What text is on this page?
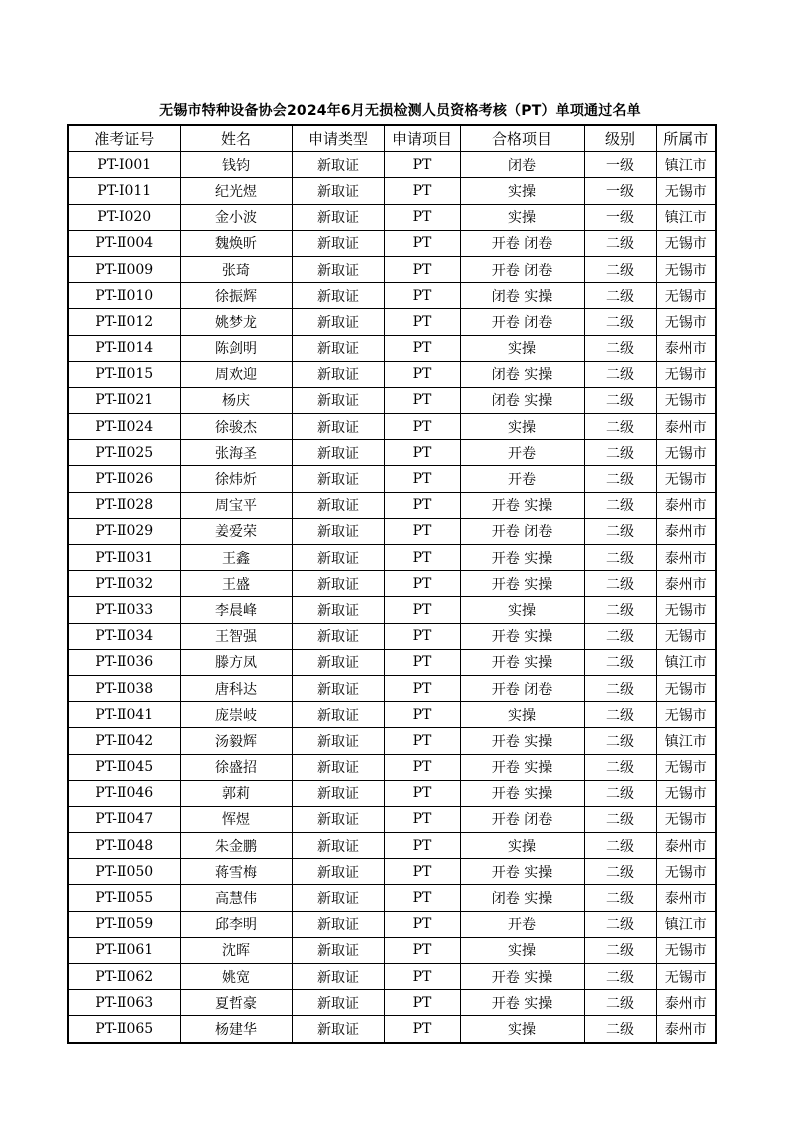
无锡市特种设备协会2024年6月无损检测人员资格考核（PT）单项通过名单
准考证号	姓名	申请类型	申请项目	合格项目	级别	所属市
PT-Ⅰ001	钱钧	新取证	PT	闭卷	一级	镇江市
PT-Ⅰ011	纪光煜	新取证	PT	实操	一级	无锡市
PT-Ⅰ020	金小波	新取证	PT	实操	一级	镇江市
PT-Ⅱ004	魏焕昕	新取证	PT	开卷 闭卷	二级	无锡市
PT-Ⅱ009	张琦	新取证	PT	开卷 闭卷	二级	无锡市
PT-Ⅱ010	徐振辉	新取证	PT	闭卷 实操	二级	无锡市
PT-Ⅱ012	姚梦龙	新取证	PT	开卷 闭卷	二级	无锡市
PT-Ⅱ014	陈剑明	新取证	PT	实操	二级	泰州市
PT-Ⅱ015	周欢迎	新取证	PT	闭卷 实操	二级	无锡市
PT-Ⅱ021	杨庆	新取证	PT	闭卷 实操	二级	无锡市
PT-Ⅱ024	徐骏杰	新取证	PT	实操	二级	泰州市
PT-Ⅱ025	张海圣	新取证	PT	开卷	二级	无锡市
PT-Ⅱ026	徐炜炘	新取证	PT	开卷	二级	无锡市
PT-Ⅱ028	周宝平	新取证	PT	开卷 实操	二级	泰州市
PT-Ⅱ029	姜爱荣	新取证	PT	开卷 闭卷	二级	泰州市
PT-Ⅱ031	王鑫	新取证	PT	开卷 实操	二级	泰州市
PT-Ⅱ032	王盛	新取证	PT	开卷 实操	二级	泰州市
PT-Ⅱ033	李晨峰	新取证	PT	实操	二级	无锡市
PT-Ⅱ034	王智强	新取证	PT	开卷 实操	二级	无锡市
PT-Ⅱ036	滕方凤	新取证	PT	开卷 实操	二级	镇江市
PT-Ⅱ038	唐科达	新取证	PT	开卷 闭卷	二级	无锡市
PT-Ⅱ041	庞崇岐	新取证	PT	实操	二级	无锡市
PT-Ⅱ042	汤毅辉	新取证	PT	开卷 实操	二级	镇江市
PT-Ⅱ045	徐盛招	新取证	PT	开卷 实操	二级	无锡市
PT-Ⅱ046	郭莉	新取证	PT	开卷 实操	二级	无锡市
PT-Ⅱ047	恽煜	新取证	PT	开卷 闭卷	二级	无锡市
PT-Ⅱ048	朱金鹏	新取证	PT	实操	二级	泰州市
PT-Ⅱ050	蒋雪梅	新取证	PT	开卷 实操	二级	无锡市
PT-Ⅱ055	高慧伟	新取证	PT	闭卷 实操	二级	泰州市
PT-Ⅱ059	邱李明	新取证	PT	开卷	二级	镇江市
PT-Ⅱ061	沈晖	新取证	PT	实操	二级	无锡市
PT-Ⅱ062	姚宽	新取证	PT	开卷 实操	二级	无锡市
PT-Ⅱ063	夏哲豪	新取证	PT	开卷 实操	二级	泰州市
PT-Ⅱ065	杨建华	新取证	PT	实操	二级	泰州市
